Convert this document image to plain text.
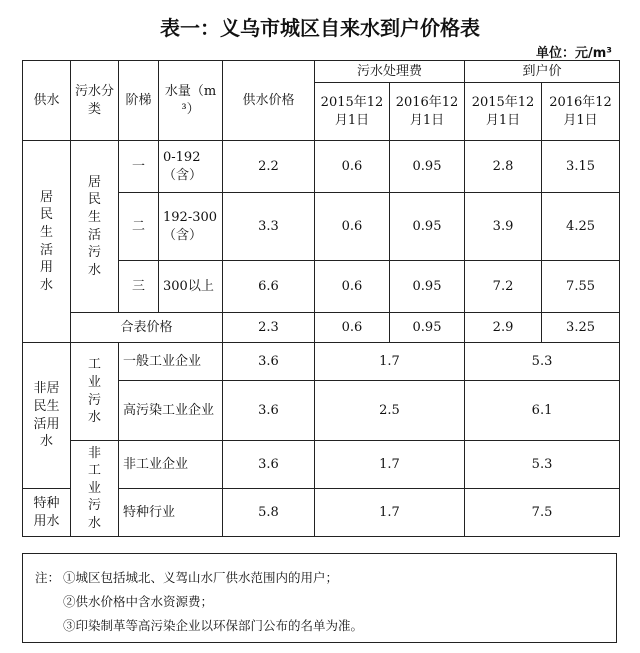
表一：义乌市城区自来水到户价格表
单位：元/m³
供水	污水分类	阶梯	水量（m³）	供水价格	污水处理费		到户价	
					2015年12月1日	2016年12月1日	2015年12月1日	2016年12月1日
居民生活用水	居民生活污水	一	0-192（含）	2.2	0.6	0.95	2.8	3.15
		二	192-300（含）	3.3	0.6	0.95	3.9	4.25
		三	300以上	6.6	0.6	0.95	7.2	7.55
	合表价格			2.3	0.6	0.95	2.9	3.25
非居民生活用水	工业污水	一般工业企业		3.6	1.7		5.3	
		高污染工业企业		3.6	2.5		6.1	
	非工业污水	非工业企业		3.6	1.7		5.3	
特种用水		特种行业		5.8	1.7		7.5	
注： ①城区包括城北、义驾山水厂供水范围内的用户；
②供水价格中含水资源费；
③印染制革等高污染企业以环保部门公布的名单为准。
